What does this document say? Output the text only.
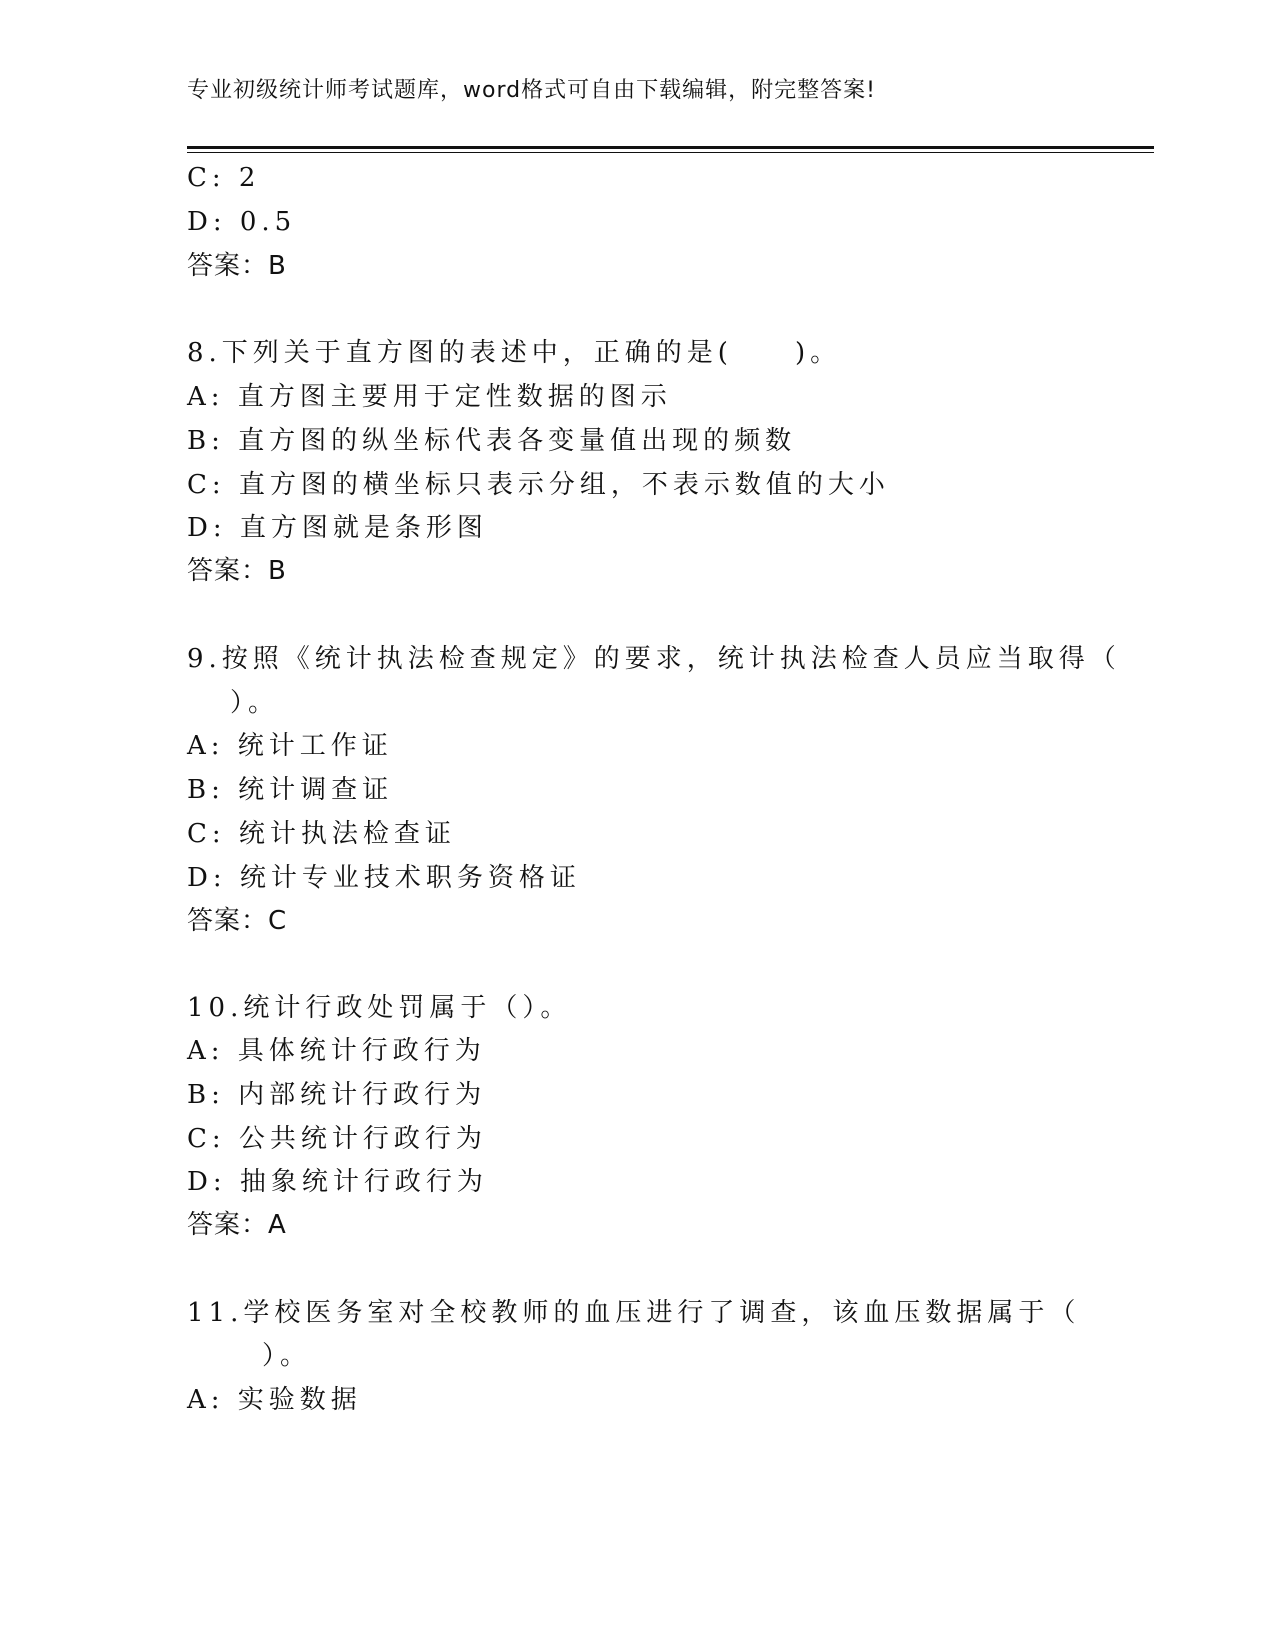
专业初级统计师考试题库，word格式可自由下载编辑，附完整答案!
C: 2
D: 0.5
答案：B
8.下列关于直方图的表述中，正确的是(　　)。
A: 直方图主要用于定性数据的图示
B: 直方图的纵坐标代表各变量值出现的频数
C: 直方图的横坐标只表示分组，不表示数值的大小
D: 直方图就是条形图
答案：B
9.按照《统计执法检查规定》的要求，统计执法检查人员应当取得（
）。
A: 统计工作证
B: 统计调查证
C: 统计执法检查证
D: 统计专业技术职务资格证
答案：C
10.统计行政处罚属于（）。
A: 具体统计行政行为
B: 内部统计行政行为
C: 公共统计行政行为
D: 抽象统计行政行为
答案：A
11.学校医务室对全校教师的血压进行了调查，该血压数据属于（
）。
A: 实验数据
